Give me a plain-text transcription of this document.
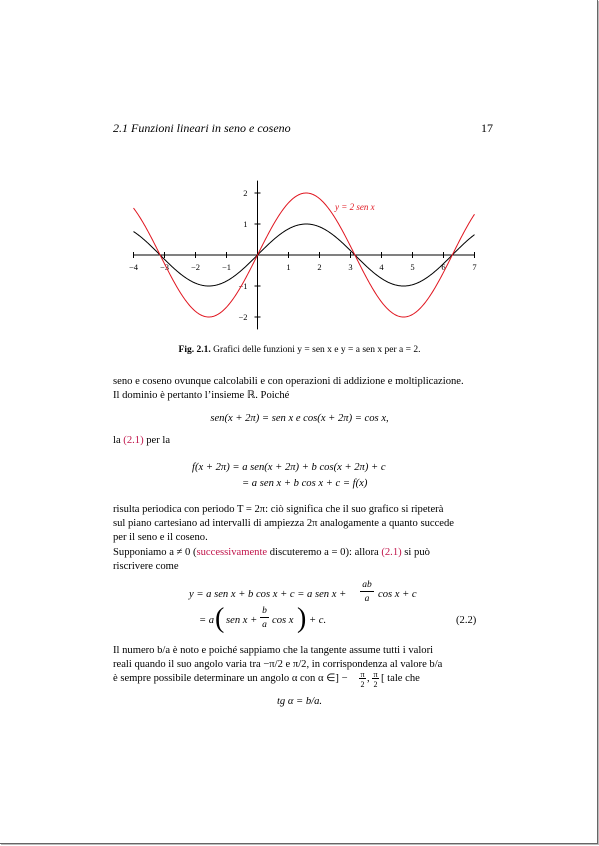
2.1 Funzioni lineari in seno e coseno	17
−4	−3	−2	−1	1	2	3	4	5	6	7
2
1
−1
−2
y = 2 sen x
Fig. 2.1. Grafici delle funzioni y = sen x e y = a sen x per a = 2.
seno e coseno ovunque calcolabili e con operazioni di addizione e moltiplicazione.
Il dominio è pertanto l’insieme ℝ. Poiché
sen(x + 2π) = sen x e cos(x + 2π) = cos x,
la (2.1) per la
f(x + 2π) = a sen(x + 2π) + b cos(x + 2π) + c
= a sen x + b cos x + c = f(x)
risulta periodica con periodo T = 2π: ciò significa che il suo grafico si ripeterà
sul piano cartesiano ad intervalli di ampiezza 2π analogamente a quanto succede
per il seno e il coseno.
Supponiamo a ≠ 0 (successivamente discuteremo a = 0): allora (2.1) si può
riscrivere come
y = a sen x + b cos x + c = a sen x +
ab
a cos x + c
= a ( sen x +
b
a cos x ) + c.	(2.2)
Il numero b/a è noto e poiché sappiamo che la tangente assume tutti i valori
reali quando il suo angolo varia tra −π/2 e π/2, in corrispondenza al valore b/a
è sempre possibile determinare un angolo α con α ∈] − π
2
, π
2
[ tale che
tg α = b/a.
